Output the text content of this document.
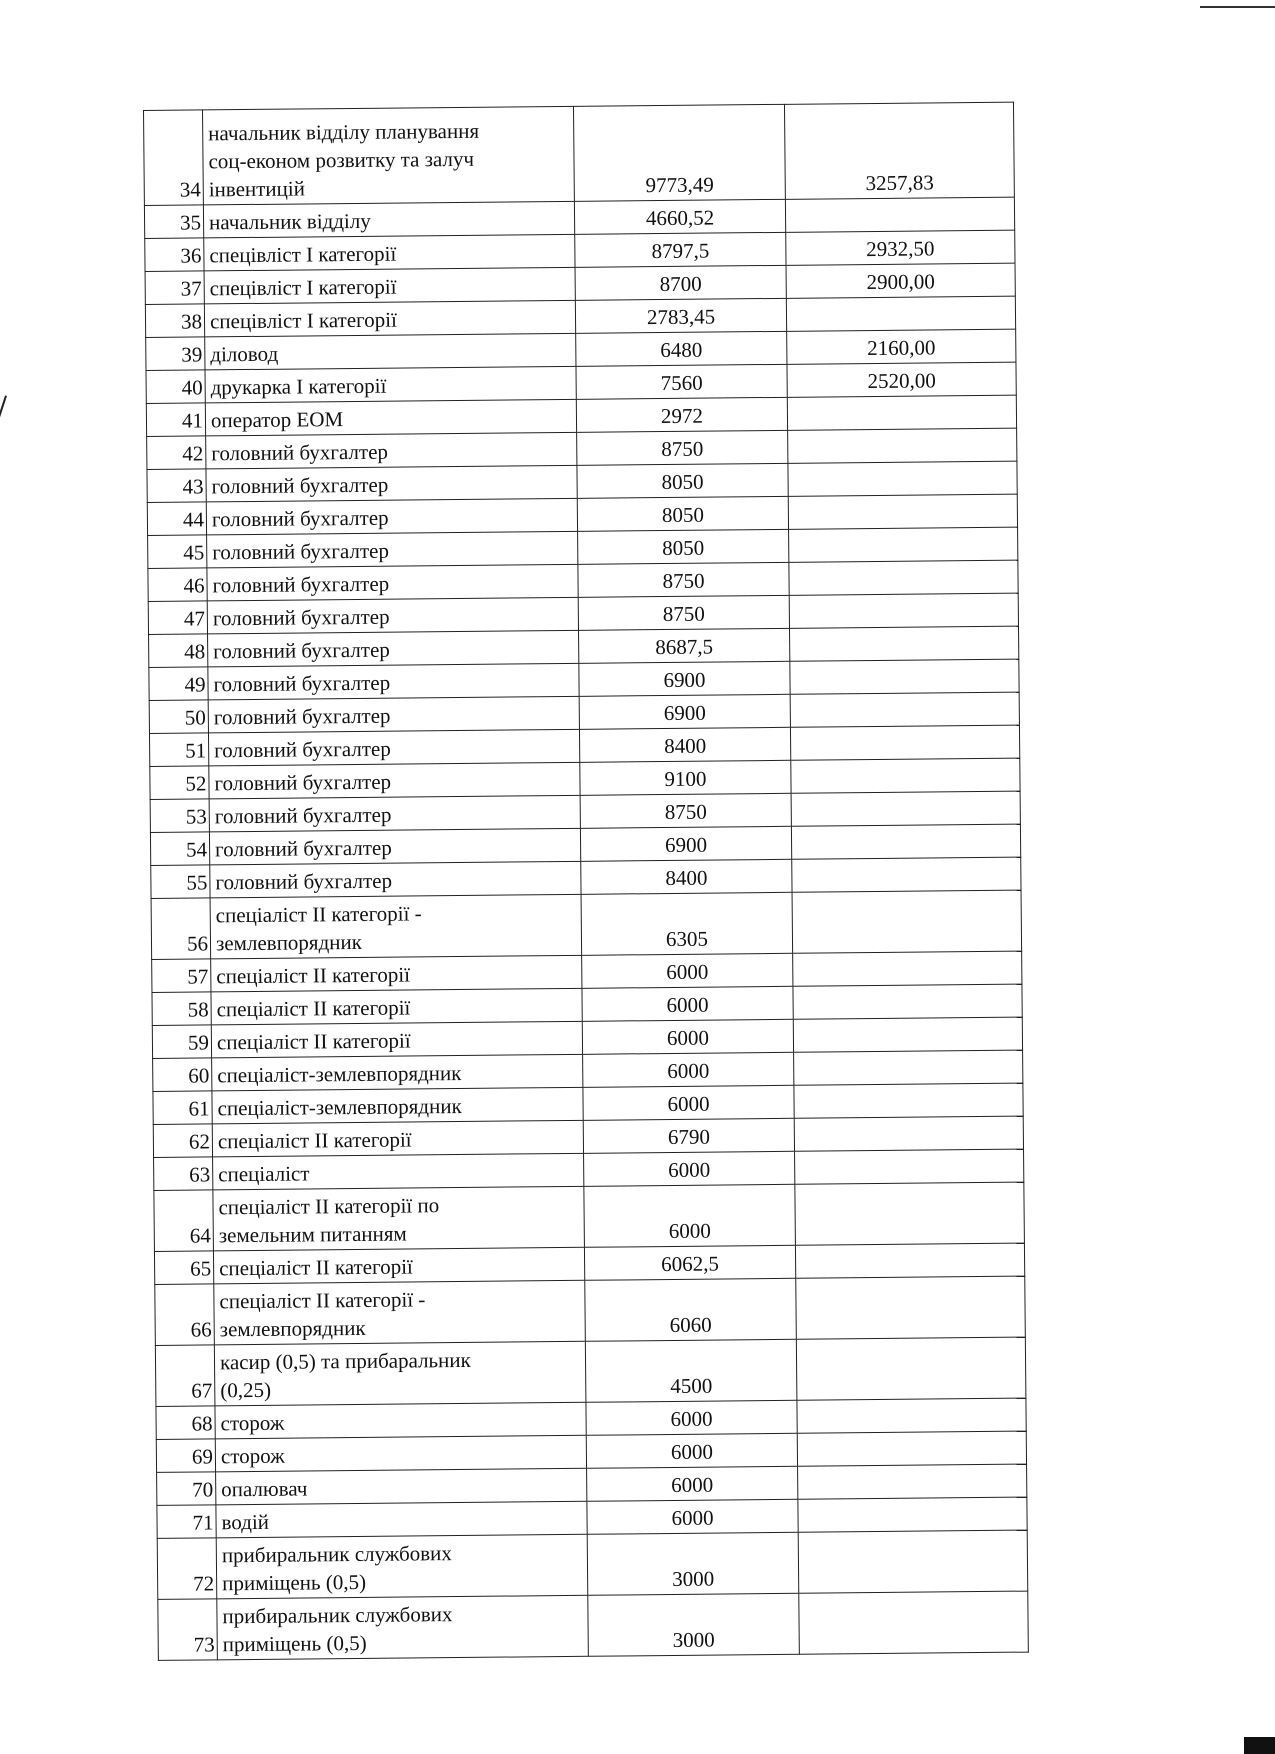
34	начальник відділу планування
соц-економ розвитку та залуч
інвентицій	9773,49	3257,83
35	начальник відділу	4660,52	
36	спецівліст І категорії	8797,5	2932,50
37	спецівліст І категорії	8700	2900,00
38	спецівліст І категорії	2783,45	
39	діловод	6480	2160,00
40	друкарка І категорії	7560	2520,00
41	оператор ЕОМ	2972	
42	головний бухгалтер	8750	
43	головний бухгалтер	8050	
44	головний бухгалтер	8050	
45	головний бухгалтер	8050	
46	головний бухгалтер	8750	
47	головний бухгалтер	8750	
48	головний бухгалтер	8687,5	
49	головний бухгалтер	6900	
50	головний бухгалтер	6900	
51	головний бухгалтер	8400	
52	головний бухгалтер	9100	
53	головний бухгалтер	8750	
54	головний бухгалтер	6900	
55	головний бухгалтер	8400	
56	спеціаліст ІІ категорії -
землевпорядник	6305	
57	спеціаліст ІІ категорії	6000	
58	спеціаліст ІІ категорії	6000	
59	спеціаліст ІІ категорії	6000	
60	спеціаліст-землевпорядник	6000	
61	спеціаліст-землевпорядник	6000	
62	спеціаліст ІІ категорії	6790	
63	спеціаліст	6000	
64	спеціаліст ІІ категорії по
земельним питанням	6000	
65	спеціаліст ІІ категорії	6062,5	
66	спеціаліст ІІ категорії -
землевпорядник	6060	
67	касир (0,5) та прибаральник
(0,25)	4500	
68	сторож	6000	
69	сторож	6000	
70	опалювач	6000	
71	водій	6000	
72	прибиральник службових
приміщень (0,5)	3000	
73	прибиральник службових
приміщень (0,5)	3000	
